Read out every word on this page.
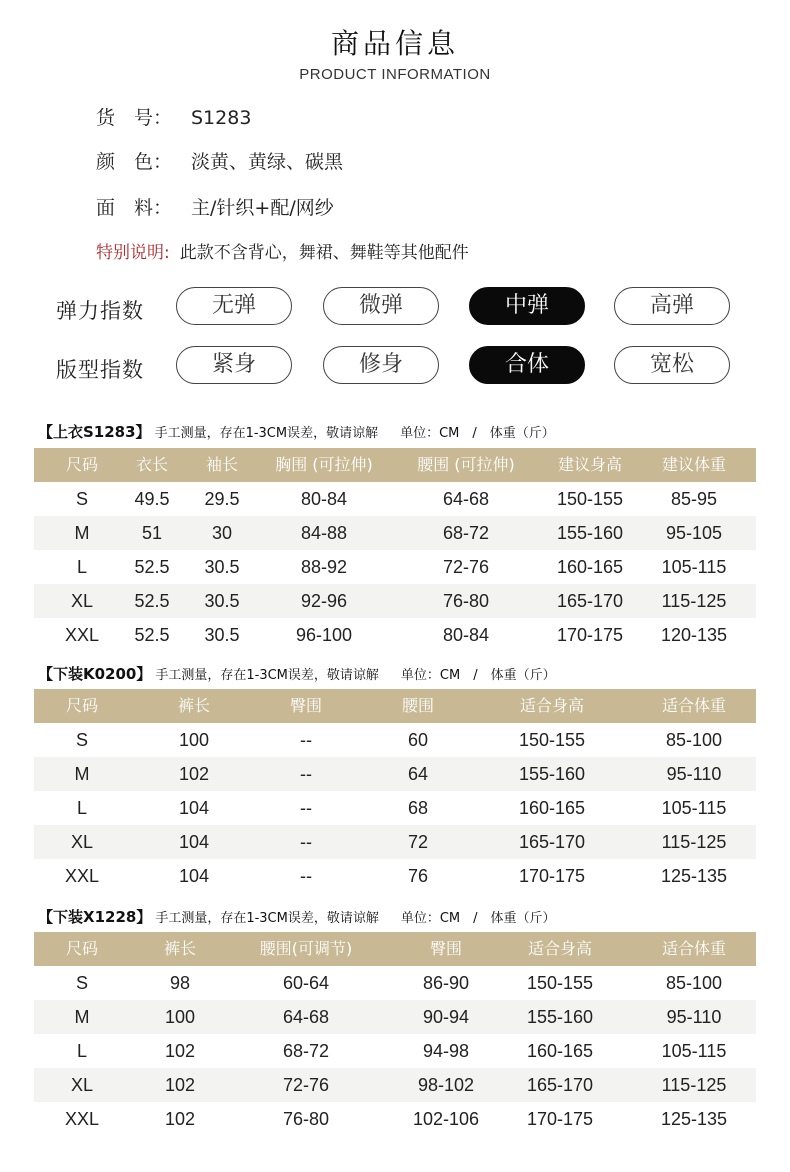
商品信息
PRODUCT INFORMATION
货　号： S1283
颜　色： 淡黄、黄绿、碳黑
面　料： 主/针织+配/网纱
特别说明: 此款不含背心，舞裙、舞鞋等其他配件
弹力指数	无弹	微弹	中弹	高弹
版型指数	紧身	修身	合体	宽松
【上衣S1283】 手工测量，存在1-3CM误差，敬请谅解 单位：CM　/　体重（斤）
尺码	衣长	袖长	胸围 (可拉伸)	腰围 (可拉伸)	建议身高	建议体重
S	49.5	29.5	80-84	64-68	150-155	85-95
M	51	30	84-88	68-72	155-160	95-105
L	52.5	30.5	88-92	72-76	160-165	105-115
XL	52.5	30.5	92-96	76-80	165-170	115-125
XXL	52.5	30.5	96-100	80-84	170-175	120-135
【下装K0200】 手工测量，存在1-3CM误差，敬请谅解 单位：CM　/　体重（斤）
尺码	裤长	臀围	腰围	适合身高	适合体重
S	100	--	60	150-155	85-100
M	102	--	64	155-160	95-110
L	104	--	68	160-165	105-115
XL	104	--	72	165-170	115-125
XXL	104	--	76	170-175	125-135
【下装X1228】 手工测量，存在1-3CM误差，敬请谅解 单位：CM　/　体重（斤）
尺码	裤长	腰围(可调节)	臀围	适合身高	适合体重
S	98	60-64	86-90	150-155	85-100
M	100	64-68	90-94	155-160	95-110
L	102	68-72	94-98	160-165	105-115
XL	102	72-76	98-102	165-170	115-125
XXL	102	76-80	102-106	170-175	125-135
